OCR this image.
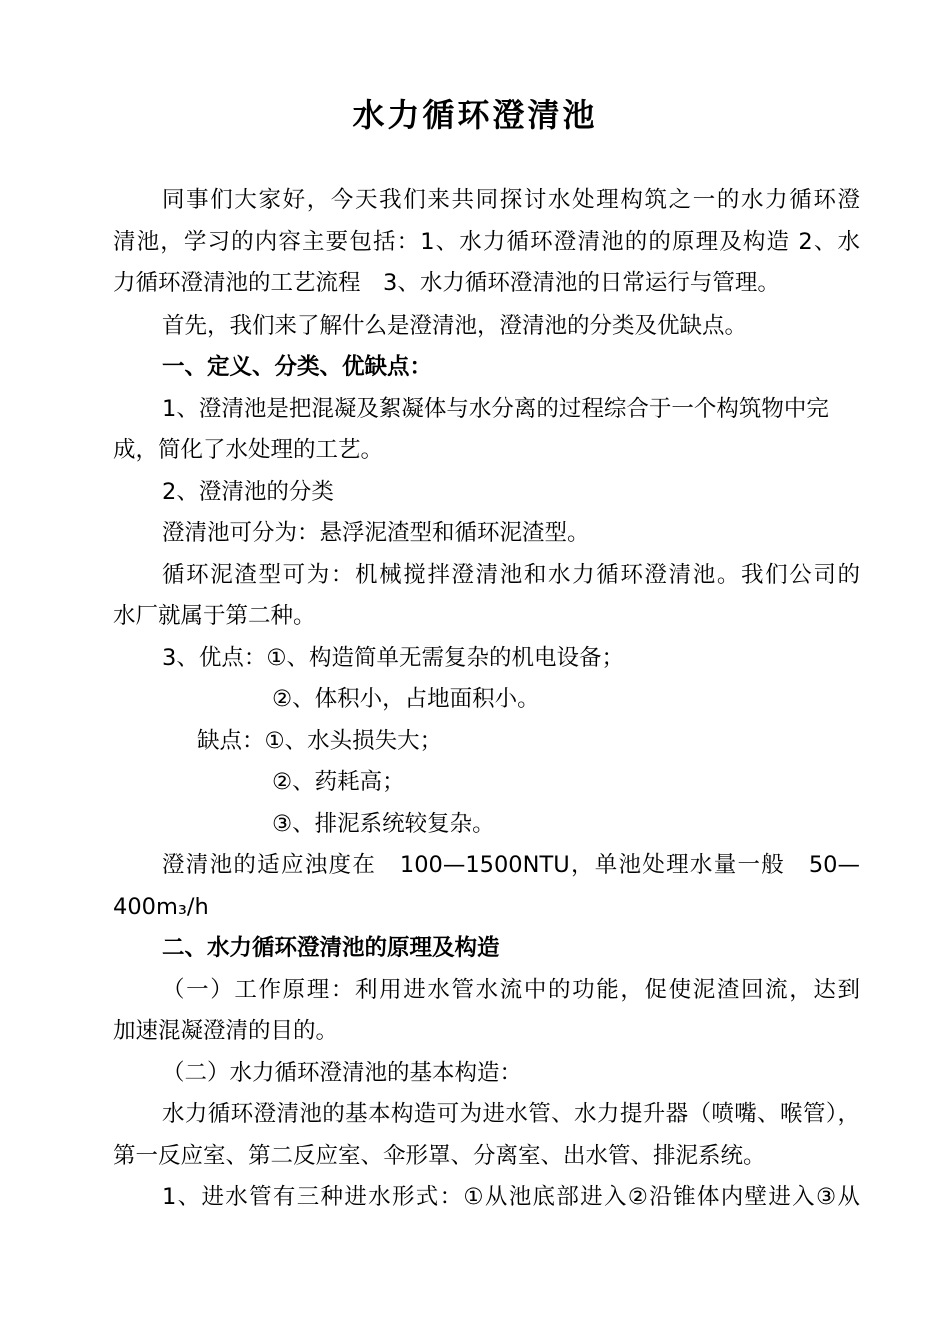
水力循环澄清池
同事们大家好，今天我们来共同探讨水处理构筑之一的水力循环澄
清池，学习的内容主要包括：1、水力循环澄清池的的原理及构造 2、水
力循环澄清池的工艺流程　3、水力循环澄清池的日常运行与管理。
首先，我们来了解什么是澄清池，澄清池的分类及优缺点。
一、定义、分类、优缺点：
1、澄清池是把混凝及絮凝体与水分离的过程综合于一个构筑物中完
成，简化了水处理的工艺。
2、澄清池的分类
澄清池可分为：悬浮泥渣型和循环泥渣型。
循环泥渣型可为：机械搅拌澄清池和水力循环澄清池。我们公司的
水厂就属于第二种。
3、优点：①、构造简单无需复杂的机电设备；
②、体积小，占地面积小。
缺点：①、水头损失大；
②、药耗高；
③、排泥系统较复杂。
澄清池的适应浊度在　100—1500NTU，单池处理水量一般　50—
400m₃/h
二、水力循环澄清池的原理及构造
（一）工作原理：利用进水管水流中的功能，促使泥渣回流，达到
加速混凝澄清的目的。
（二）水力循环澄清池的基本构造：
水力循环澄清池的基本构造可为进水管、水力提升器（喷嘴、喉管），
第一反应室、第二反应室、伞形罩、分离室、出水管、排泥系统。
1、进水管有三种进水形式：①从池底部进入②沿锥体内壁进入③从
